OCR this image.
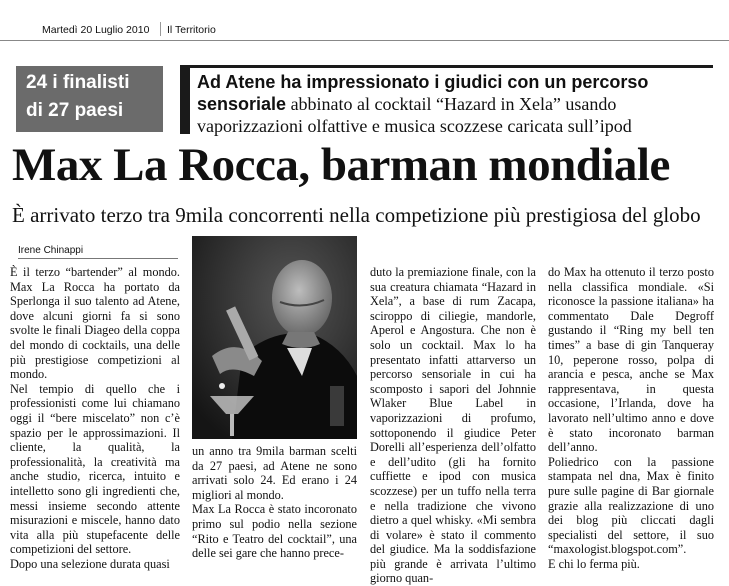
Martedì 20 Luglio 2010 Il Territorio
24 i finalisti
di 27 paesi
Ad Atene ha impressionato i giudici con un percorso sensoriale abbinato al cocktail “Hazard in Xela” usando vaporizzazioni olfattive e musica scozzese caricata sull’ipod
Max La Rocca, barman mondiale
È arrivato terzo tra 9mila concorrenti nella competizione più prestigiosa del globo
Irene Chinappi

È il terzo “bartender” al mondo. Max La Rocca ha portato da Sperlonga il suo talento ad Atene, dove alcuni giorni fa si sono svolte le finali Diageo della coppa del mondo di cocktails, una delle più prestigiose competizioni al mondo.

Nel tempio di quello che i professionisti come lui chiamano oggi il “bere miscelato” non c’è spazio per le approssimazioni. Il cliente, la qualità, la professionalità, la creatività ma anche studio, ricerca, intuito e intelletto sono gli ingredienti che, messi insieme secondo attente misurazioni e miscele, hanno dato vita alla più stupefacente delle competizioni del settore.

Dopo una selezione durata quasi

un anno tra 9mila barman scelti da 27 paesi, ad Atene ne sono arrivati solo 24. Ed erano i 24 migliori al mondo.

Max La Rocca è stato incoronato primo sul podio nella sezione “Rito e Teatro del cocktail”, una delle sei gare che hanno prece-

duto la premiazione finale, con la sua creatura chiamata “Hazard in Xela”, a base di rum Zacapa, sciroppo di ciliegie, mandorle, Aperol e Angostura. Che non è solo un cocktail. Max lo ha presentato infatti attarverso un percorso sensoriale in cui ha scomposto i sapori del Johnnie Wlaker Blue Label in vaporizzazioni di profumo, sottoponendo il giudice Peter Dorelli all’esperienza dell’olfatto e dell’udito (gli ha fornito cuffiette e ipod con musica scozzese) per un tuffo nella terra e nella tradizione che vivono dietro a quel whisky. «Mi sembra di volare» è stato il commento del giudice. Ma la soddisfazione più grande è arrivata l’ultimo giorno quan-

do Max ha ottenuto il terzo posto nella classifica mondiale. «Si riconosce la passione italiana» ha commentato Dale Degroff gustando il “Ring my bell ten times” a base di gin Tanqueray 10, peperone rosso, polpa di arancia e pesca, anche se Max rappresentava, in questa occasione, l’Irlanda, dove ha lavorato nell’ultimo anno e dove è stato incoronato barman dell’anno.

Poliedrico con la passione stampata nel dna, Max è finito pure sulle pagine di Bar giornale grazie alla realizzazione di uno dei blog più cliccati dagli specialisti del settore, il suo “maxologist.blogspot.com”.

E chi lo ferma più.
